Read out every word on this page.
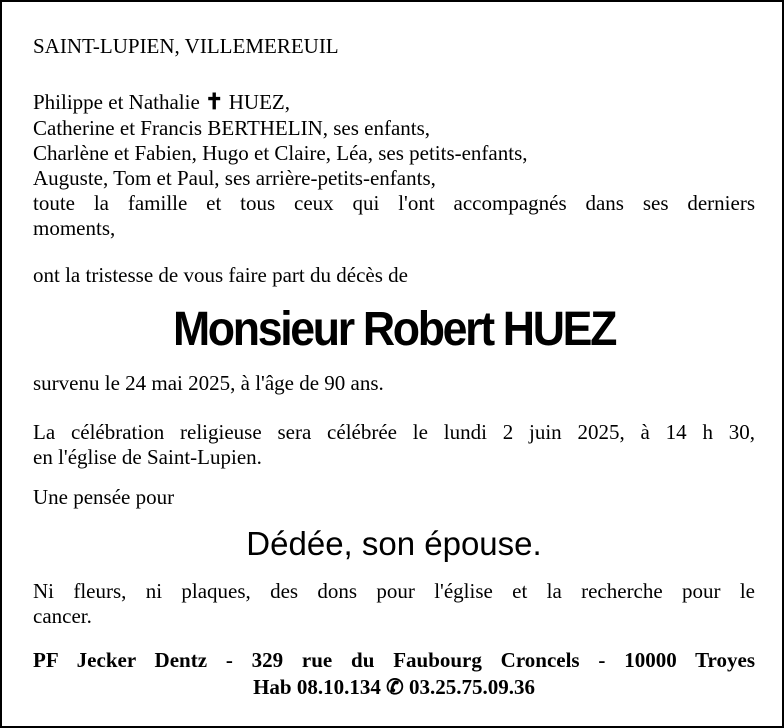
SAINT-LUPIEN, VILLEMEREUIL
Philippe et Nathalie ✝ HUEZ,
Catherine et Francis BERTHELIN, ses enfants,
Charlène et Fabien, Hugo et Claire, Léa, ses petits-enfants,
Auguste, Tom et Paul, ses arrière-petits-enfants,
toute la famille et tous ceux qui l'ont accompagnés dans ses derniers
moments,
ont la tristesse de vous faire part du décès de
Monsieur Robert HUEZ
survenu le 24 mai 2025, à l'âge de 90 ans.
La célébration religieuse sera célébrée le lundi 2 juin 2025, à 14 h 30,
en l'église de Saint-Lupien.
Une pensée pour
Dédée, son épouse.
Ni fleurs, ni plaques, des dons pour l'église et la recherche pour le
cancer.
PF Jecker Dentz - 329 rue du Faubourg Croncels - 10000 Troyes
Hab 08.10.134 ✆ 03.25.75.09.36
